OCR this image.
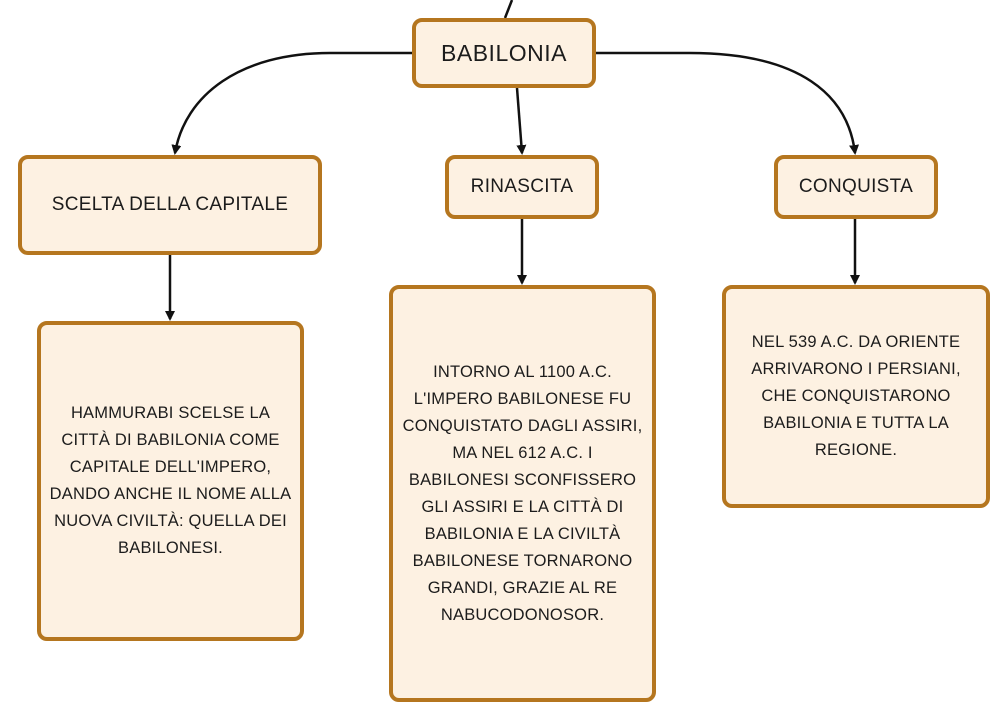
BABILONIA
SCELTA DELLA CAPITALE
RINASCITA	CONQUISTA
HAMMURABI SCELSE LA CITTÀ DI BABILONIA COME CAPITALE DELL'IMPERO, DANDO ANCHE IL NOME ALLA NUOVA CIVILTÀ: QUELLA DEI BABILONESI.
INTORNO AL 1100 A.C. L'IMPERO BABILONESE FU CONQUISTATO DAGLI ASSIRI, MA NEL 612 A.C. I BABILONESI SCONFISSERO GLI ASSIRI E LA CITTÀ DI BABILONIA E LA CIVILTÀ BABILONESE TORNARONO GRANDI, GRAZIE AL RE NABUCODONOSOR.
NEL 539 A.C. DA ORIENTE ARRIVARONO I PERSIANI, CHE CONQUISTARONO BABILONIA E TUTTA LA REGIONE.
